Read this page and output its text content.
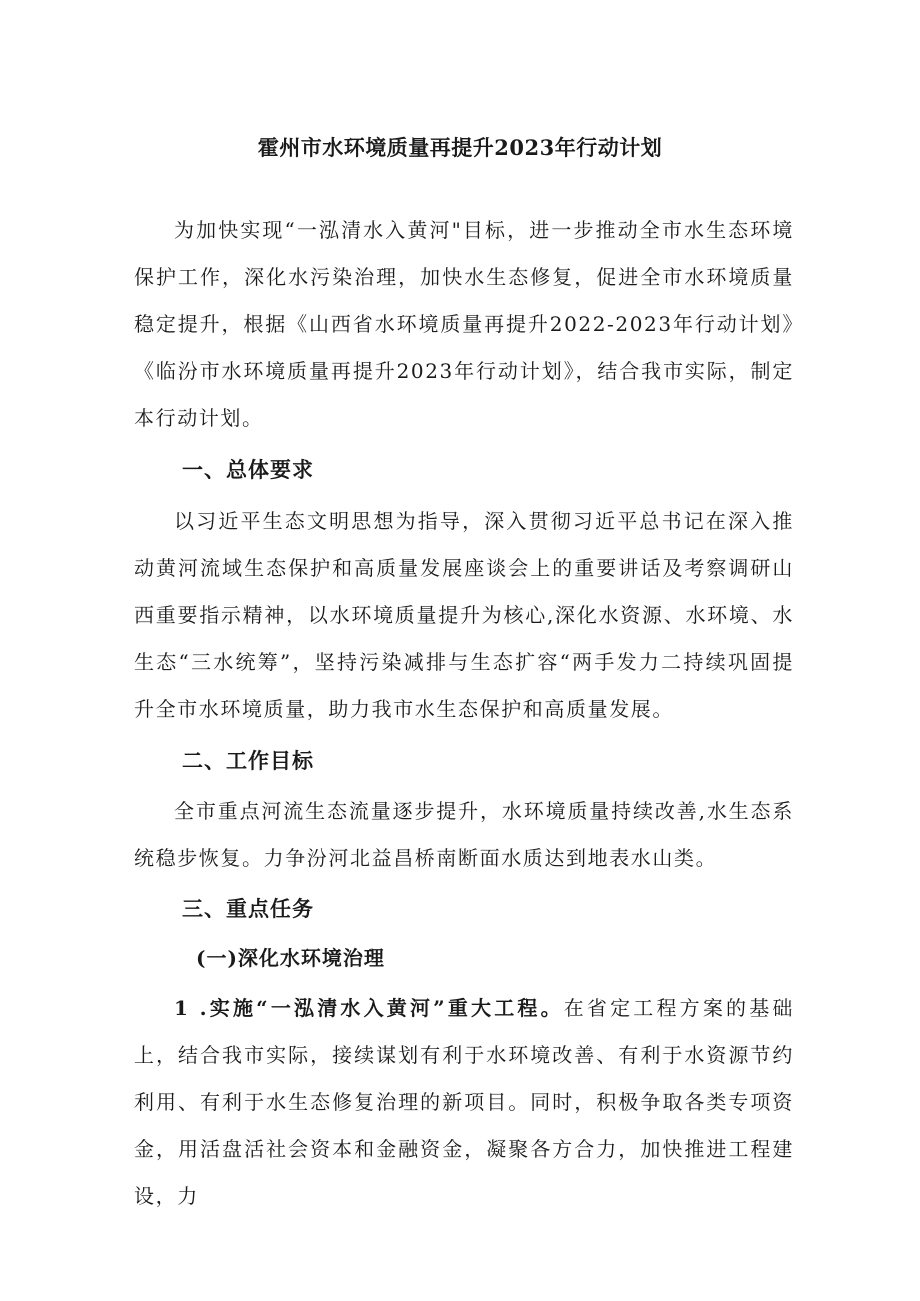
霍州市水环境质量再提升2023年行动计划

为加快实现“一泓清水入黄河"目标，进一步推动全市水生态环境保护工作，深化水污染治理，加快水生态修复，促进全市水环境质量稳定提升，根据《山西省水环境质量再提升2022-2023年行动计划》《临汾市水环境质量再提升2023年行动计划》，结合我市实际，制定本行动计划。

一、总体要求

以习近平生态文明思想为指导，深入贯彻习近平总书记在深入推动黄河流域生态保护和高质量发展座谈会上的重要讲话及考察调研山西重要指示精神，以水环境质量提升为核心,深化水资源、水环境、水生态“三水统筹”，坚持污染减排与生态扩容“两手发力二持续巩固提升全市水环境质量，助力我市水生态保护和高质量发展。

二、工作目标

全市重点河流生态流量逐步提升，水环境质量持续改善,水生态系统稳步恢复。力争汾河北益昌桥南断面水质达到地表水山类。

三、重点任务
(一)深化水环境治理

1 .实施“一泓清水入黄河”重大工程。在省定工程方案的基础上，结合我市实际，接续谋划有利于水环境改善、有利于水资源节约利用、有利于水生态修复治理的新项目。同时，积极争取各类专项资金，用活盘活社会资本和金融资金，凝聚各方合力，加快推进工程建设，力
